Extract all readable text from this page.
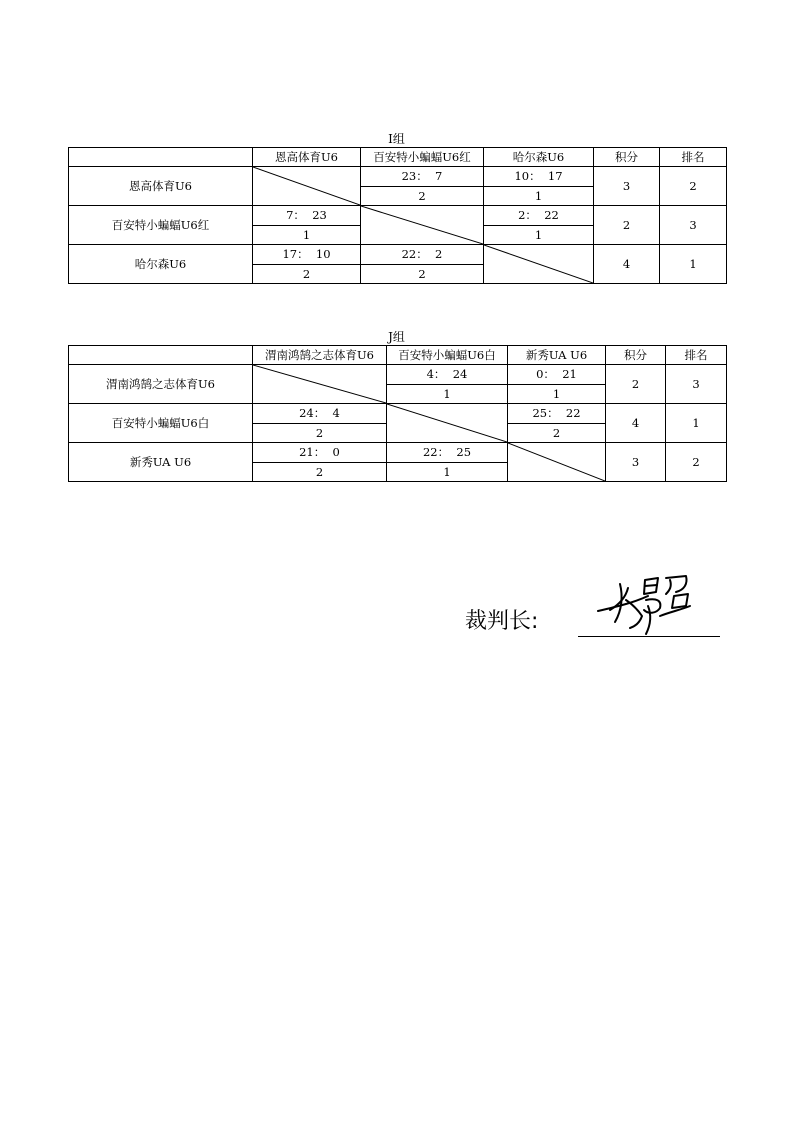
I组
	恩高体育U6	百安特小蝙蝠U6红	哈尔森U6	积分	排名
恩高体育U6		23：  7	10：  17	3	2
		2	1		
百安特小蝙蝠U6红	7：  23		2：  22	2	3
	1		1		
哈尔森U6	17：  10	22：  2		4	1
	2	2			
J组
	渭南鸿鹄之志体育U6	百安特小蝙蝠U6白	新秀UA U6	积分	排名
渭南鸿鹄之志体育U6		4：  24	0：  21	2	3
		1	1		
百安特小蝙蝠U6白	24：  4		25：  22	4	1
	2		2		
新秀UA U6	21：  0	22：  25		3	2
	2	1			
裁判长:
